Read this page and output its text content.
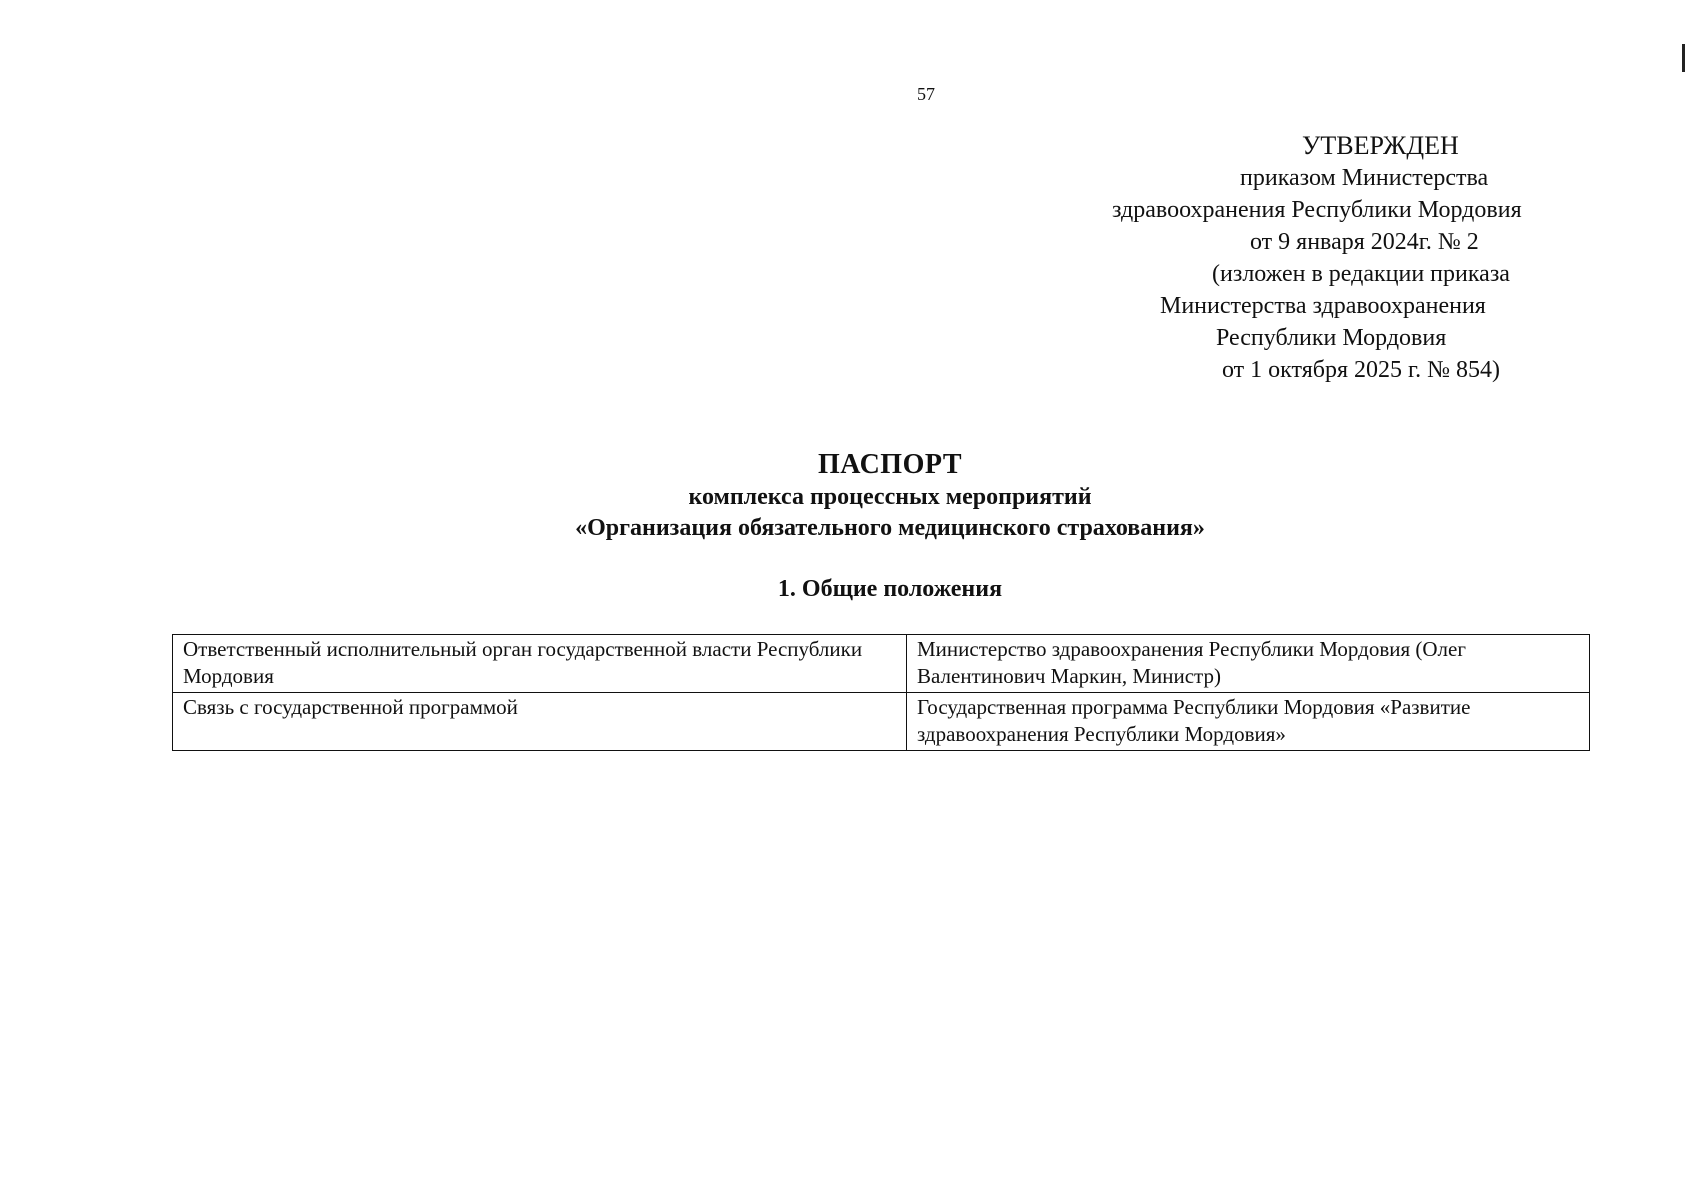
57
УТВЕРЖДЕН
приказом Министерства
здравоохранения Республики Мордовия
от 9 января 2024г. № 2
(изложен в редакции приказа
Министерства здравоохранения
Республики Мордовия
от 1 октября 2025 г. № 854)
ПАСПОРТ
комплекса процессных мероприятий
«Организация обязательного медицинского страхования»
1. Общие положения
Ответственный исполнительный орган государственной власти Республики Мордовия	Министерство здравоохранения Республики Мордовия (Олег Валентинович Маркин, Министр)
Связь с государственной программой	Государственная программа Республики Мордовия «Развитие здравоохранения Республики Мордовия»
